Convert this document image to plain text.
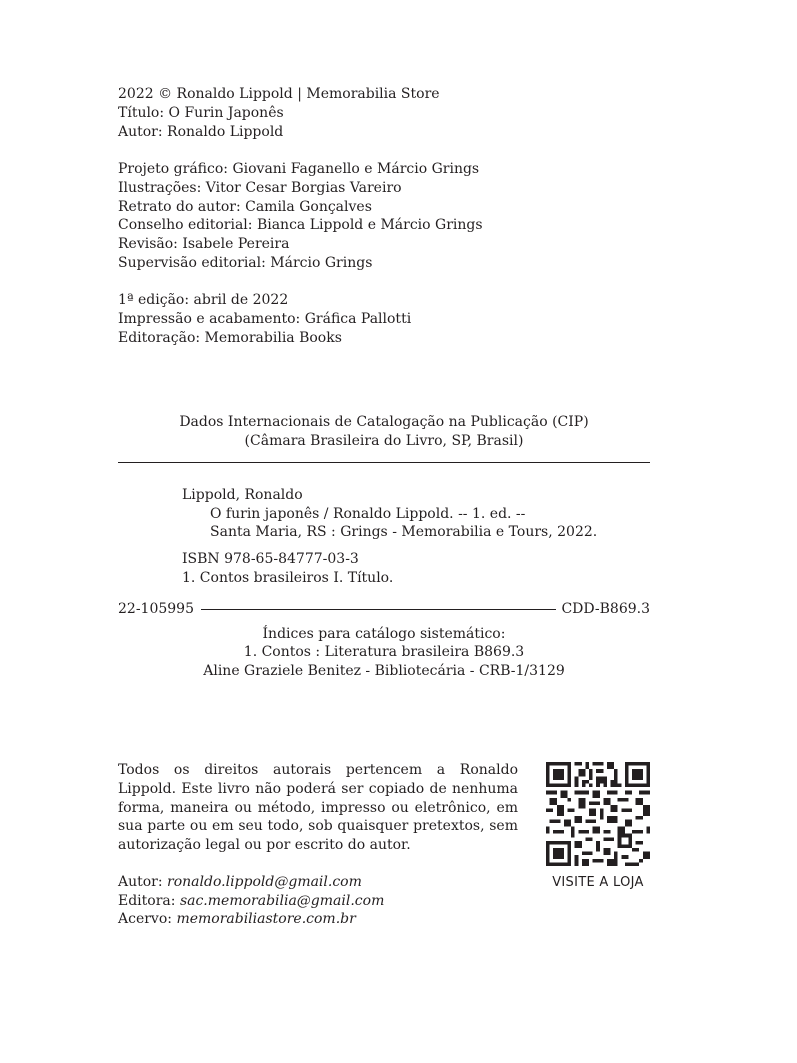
2022 © Ronaldo Lippold | Memorabilia Store
Título: O Furin Japonês
Autor: Ronaldo Lippold
Projeto gráfico: Giovani Faganello e Márcio Grings
Ilustrações: Vitor Cesar Borgias Vareiro
Retrato do autor: Camila Gonçalves
Conselho editorial: Bianca Lippold e Márcio Grings
Revisão: Isabele Pereira
Supervisão editorial: Márcio Grings
1ª edição: abril de 2022
Impressão e acabamento: Gráfica Pallotti
Editoração: Memorabilia Books
Dados Internacionais de Catalogação na Publicação (CIP)
(Câmara Brasileira do Livro, SP, Brasil)
Lippold, Ronaldo
O furin japonês / Ronaldo Lippold. -- 1. ed. --
Santa Maria, RS : Grings - Memorabilia e Tours, 2022.
ISBN 978-65-84777-03-3
1. Contos brasileiros I. Título.
22-105995	CDD-B869.3
Índices para catálogo sistemático:
1. Contos : Literatura brasileira B869.3
Aline Graziele Benitez - Bibliotecária - CRB-1/3129
Todos os direitos autorais pertencem a Ronaldo Lippold. Este livro não poderá ser copiado de nenhuma forma, maneira ou método, impresso ou eletrônico, em sua parte ou em seu todo, sob quaisquer pretextos, sem autorização legal ou por escrito do autor.
Autor: ronaldo.lippold@gmail.com
Editora: sac.memorabilia@gmail.com
Acervo: memorabiliastore.com.br
VISITE A LOJA
